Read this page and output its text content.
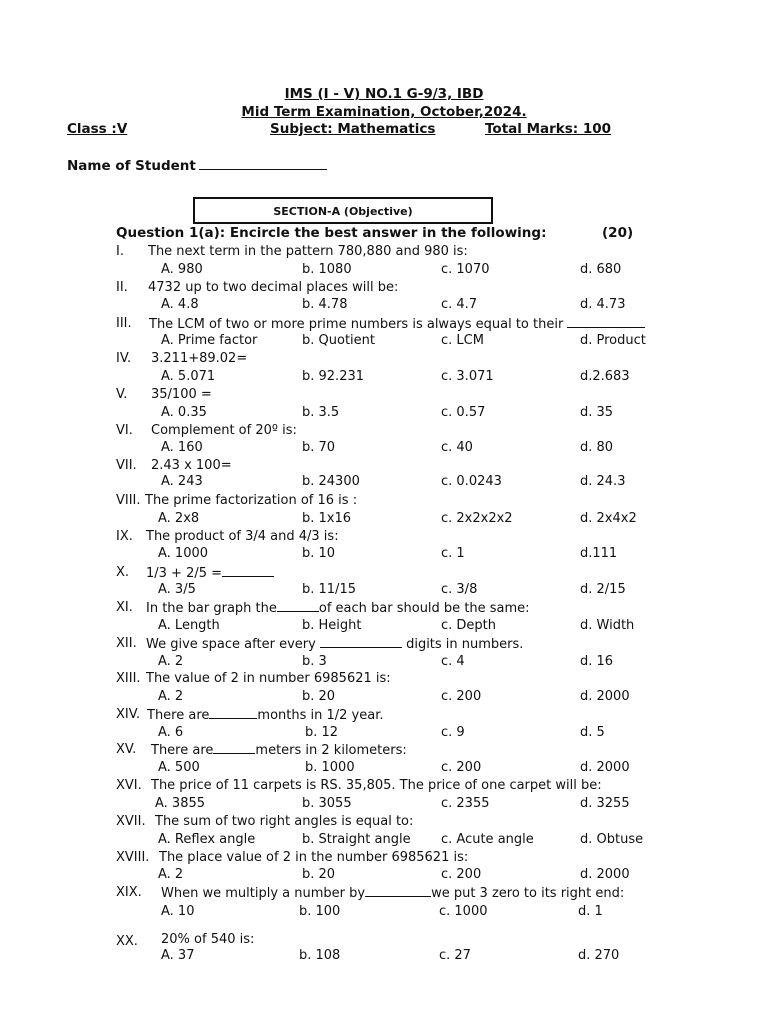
IMS (I - V) NO.1 G-9/3, IBD
Mid Term Examination, October,2024.
Class :V	Subject: Mathematics	Total Marks: 100
Name of Student
SECTION-A (Objective)
Question 1(a): Encircle the best answer in the following:	(20)
I. The next term in the pattern 780,880 and 980 is:
A. 980	b. 1080	c. 1070	d. 680
II. 4732 up to two decimal places will be:
A. 4.8	b. 4.78	c. 4.7	d. 4.73
III. The LCM of two or more prime numbers is always equal to their
A. Prime factor	b. Quotient	c. LCM	d. Product
IV. 3.211+89.02=
A. 5.071	b. 92.231	c. 3.071	d.2.683
V. 35/100 =
A. 0.35	b. 3.5	c. 0.57	d. 35
VI. Complement of 20º is:
A. 160	b. 70	c. 40	d. 80
VII. 2.43 x 100=
A. 243	b. 24300	c. 0.0243	d. 24.3
VIII. The prime factorization of 16 is :
A. 2x8	b. 1x16	c. 2x2x2x2	d. 2x4x2
IX. The product of 3/4 and 4/3 is:
A. 1000	b. 10	c. 1	d.111
X. 1/3 + 2/5 =
A. 3/5	b. 11/15	c. 3/8	d. 2/15
XI. In the bar graph the	of each bar should be the same:
A. Length	b. Height	c. Depth	d. Width
XII. We give space after every	digits in numbers.
A. 2	b. 3	c. 4	d. 16
XIII. The value of 2 in number 6985621 is:
A. 2	b. 20	c. 200	d. 2000
XIV. There are	months in 1/2 year.
A. 6	b. 12	c. 9	d. 5
XV. There are	meters in 2 kilometers:
A. 500	b. 1000	c. 200	d. 2000
XVI. The price of 11 carpets is RS. 35,805. The price of one carpet will be:
A. 3855	b. 3055	c. 2355	d. 3255
XVII. The sum of two right angles is equal to:
A. Reflex angle	b. Straight angle c. Acute angle	d. Obtuse
XVIII. The place value of 2 in the number 6985621 is:
A. 2	b. 20	c. 200	d. 2000
XIX. When we multiply a number by	we put 3 zero to its right end:
A. 10	b. 100	c. 1000	d. 1
XX. 20% of 540 is:
A. 37	b. 108	c. 27	d. 270
